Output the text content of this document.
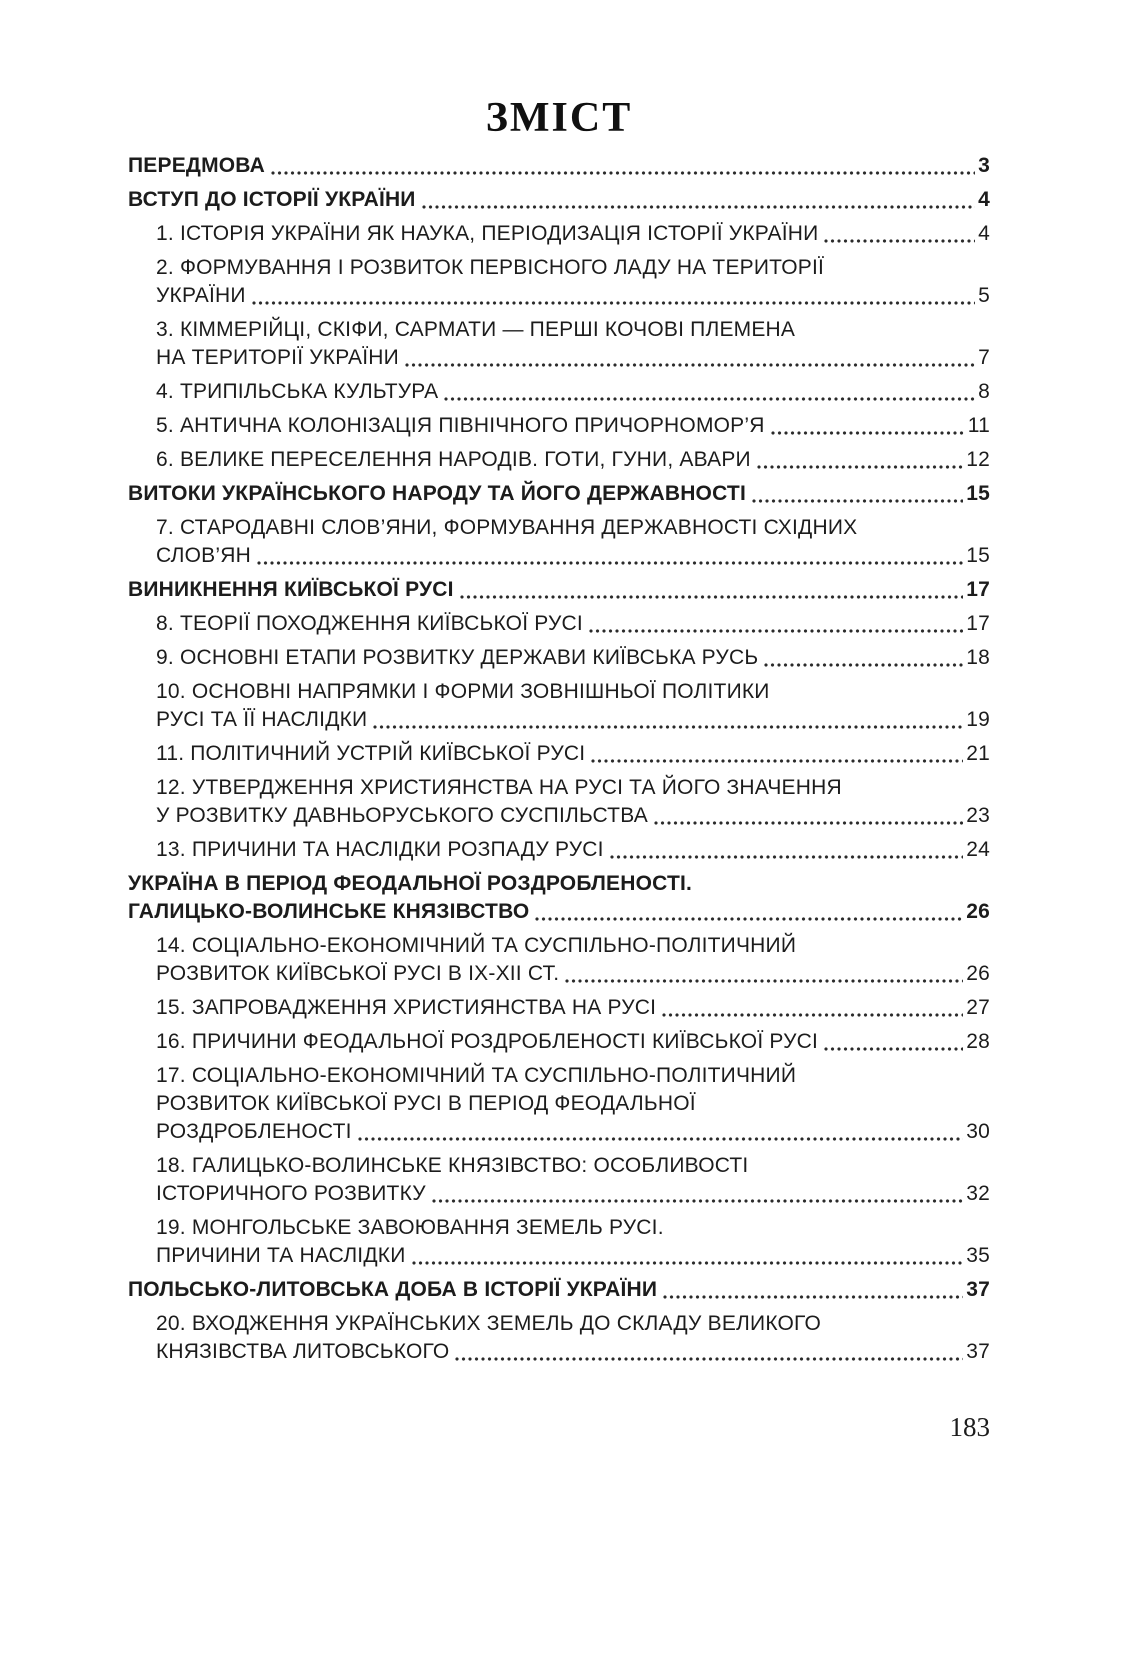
ЗМІСТ
ПЕРЕДМОВА	3
ВСТУП ДО ІСТОРІЇ УКРАЇНИ	4
1. ІСТОРІЯ УКРАЇНИ ЯК НАУКА, ПЕРІОДИЗАЦІЯ ІСТОРІЇ УКРАЇНИ	4
2. ФОРМУВАННЯ І РОЗВИТОК ПЕРВІСНОГО ЛАДУ НА ТЕРИТОРІЇ
УКРАЇНИ	5
3. КІММЕРІЙЦІ, СКІФИ, САРМАТИ — ПЕРШІ КОЧОВІ ПЛЕМЕНА
НА ТЕРИТОРІЇ УКРАЇНИ	7
4. ТРИПІЛЬСЬКА КУЛЬТУРА	8
5. АНТИЧНА КОЛОНІЗАЦІЯ ПІВНІЧНОГО ПРИЧОРНОМОР’Я	11
6. ВЕЛИКЕ ПЕРЕСЕЛЕННЯ НАРОДІВ. ГОТИ, ГУНИ, АВАРИ	12
ВИТОКИ УКРАЇНСЬКОГО НАРОДУ ТА ЙОГО ДЕРЖАВНОСТІ	15
7. СТАРОДАВНІ СЛОВ’ЯНИ, ФОРМУВАННЯ ДЕРЖАВНОСТІ СХІДНИХ
СЛОВ’ЯН	15
ВИНИКНЕННЯ КИЇВСЬКОЇ РУСІ	17
8. ТЕОРІЇ ПОХОДЖЕННЯ КИЇВСЬКОЇ РУСІ	17
9. ОСНОВНІ ЕТАПИ РОЗВИТКУ ДЕРЖАВИ КИЇВСЬКА РУСЬ	18
10. ОСНОВНІ НАПРЯМКИ І ФОРМИ ЗОВНІШНЬОЇ ПОЛІТИКИ
РУСІ ТА ЇЇ НАСЛІДКИ	19
11. ПОЛІТИЧНИЙ УСТРІЙ КИЇВСЬКОЇ РУСІ	21
12. УТВЕРДЖЕННЯ ХРИСТИЯНСТВА НА РУСІ ТА ЙОГО ЗНАЧЕННЯ
У РОЗВИТКУ ДАВНЬОРУСЬКОГО СУСПІЛЬСТВА	23
13. ПРИЧИНИ ТА НАСЛІДКИ РОЗПАДУ РУСІ	24
УКРАЇНА В ПЕРІОД ФЕОДАЛЬНОЇ РОЗДРОБЛЕНОСТІ.
ГАЛИЦЬКО-ВОЛИНСЬКЕ КНЯЗІВСТВО	26
14. СОЦІАЛЬНО-ЕКОНОМІЧНИЙ ТА СУСПІЛЬНО-ПОЛІТИЧНИЙ
РОЗВИТОК КИЇВСЬКОЇ РУСІ В IX-XII СТ.	26
15. ЗАПРОВАДЖЕННЯ ХРИСТИЯНСТВА НА РУСІ	27
16. ПРИЧИНИ ФЕОДАЛЬНОЇ РОЗДРОБЛЕНОСТІ КИЇВСЬКОЇ РУСІ	28
17. СОЦІАЛЬНО-ЕКОНОМІЧНИЙ ТА СУСПІЛЬНО-ПОЛІТИЧНИЙ
РОЗВИТОК КИЇВСЬКОЇ РУСІ В ПЕРІОД ФЕОДАЛЬНОЇ
РОЗДРОБЛЕНОСТІ	30
18. ГАЛИЦЬКО-ВОЛИНСЬКЕ КНЯЗІВСТВО: ОСОБЛИВОСТІ
ІСТОРИЧНОГО РОЗВИТКУ	32
19. МОНГОЛЬСЬКЕ ЗАВОЮВАННЯ ЗЕМЕЛЬ РУСІ.
ПРИЧИНИ ТА НАСЛІДКИ	35
ПОЛЬСЬКО-ЛИТОВСЬКА ДОБА В ІСТОРІЇ УКРАЇНИ	37
20. ВХОДЖЕННЯ УКРАЇНСЬКИХ ЗЕМЕЛЬ ДО СКЛАДУ ВЕЛИКОГО
КНЯЗІВСТВА ЛИТОВСЬКОГО	37
183
